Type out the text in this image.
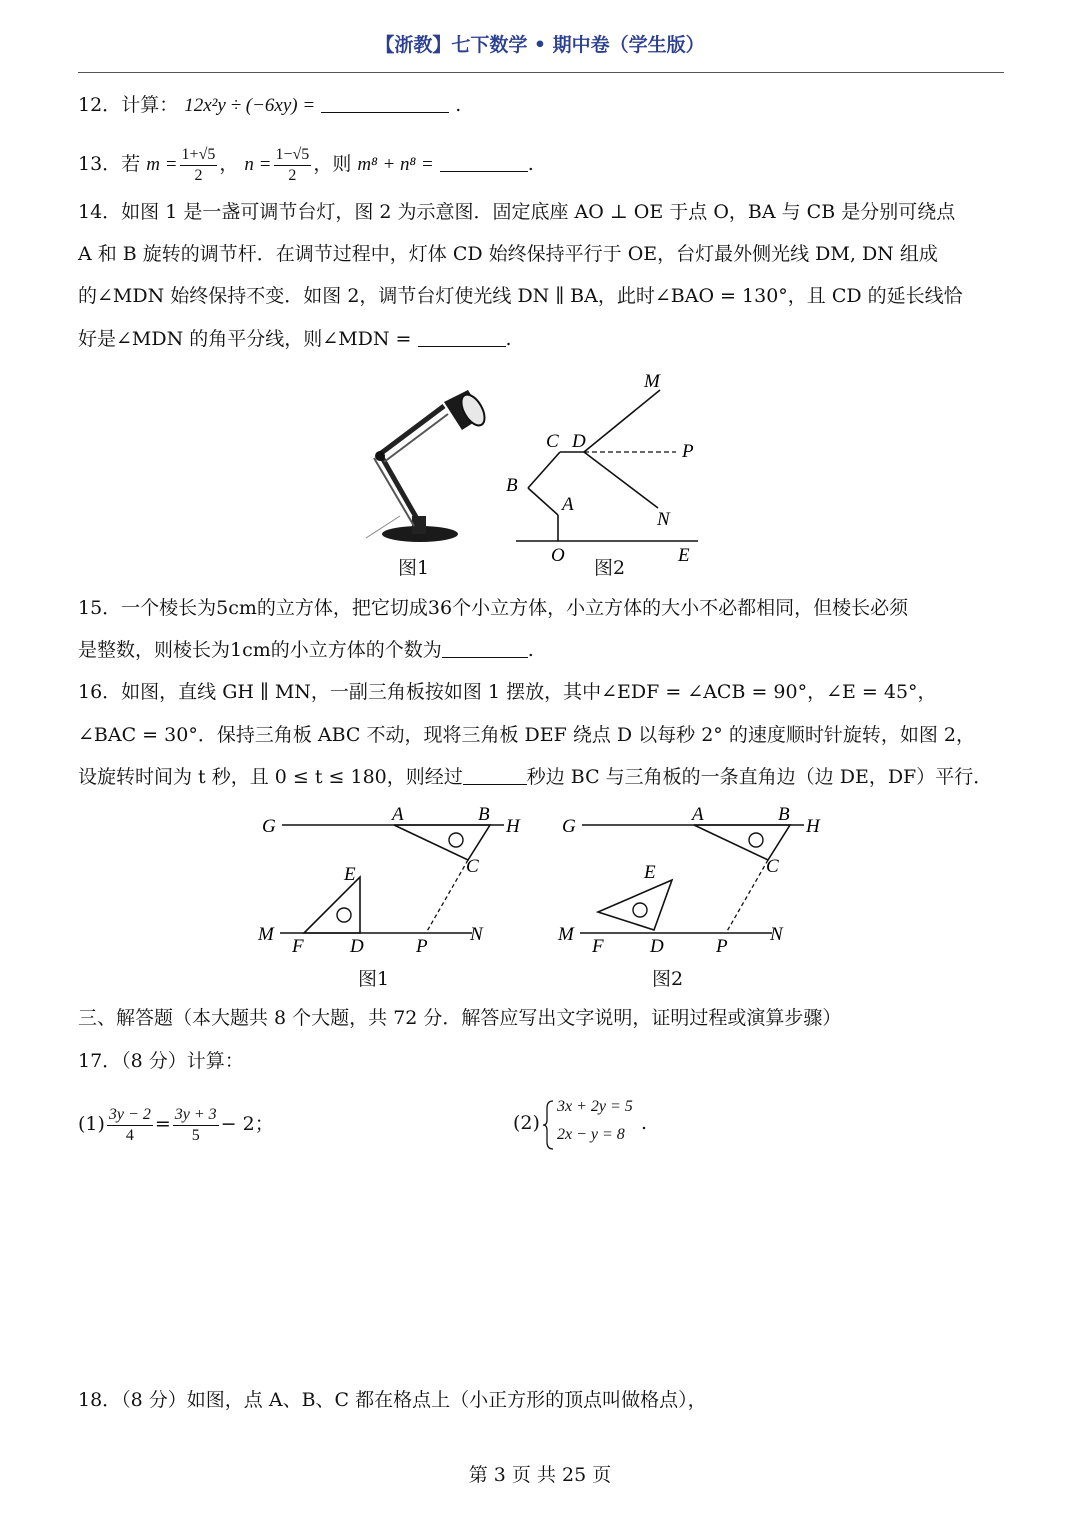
【浙教】七下数学 • 期中卷（学生版）
12．计算： 12x²y ÷ (−6xy) =	.
13．若 $m = \frac{1+√5}{2}$ ， $n = \frac{1-√5}{2}$ ，则 m⁸ + n⁸ =	.
14．如图 1 是一盏可调节台灯，图 2 为示意图．固定底座 AO ⊥ OE 于点 O，BA 与 CB 是分别可绕点
A 和 B 旋转的调节杆．在调节过程中，灯体 CD 始终保持平行于 OE，台灯最外侧光线 DM, DN 组成
的∠MDN 始终保持不变．如图 2，调节台灯使光线 DN ∥ BA，此时∠BAO = 130°，且 CD 的延长线恰
好是∠MDN 的角平分线，则∠MDN =	.
图1
M
C D	P
B
A
N
O	E
图2
15．一个棱长为5cm的立方体，把它切成36个小立方体，小立方体的大小不必都相同，但棱长必须
是整数，则棱长为1cm的小立方体的个数为	.
16．如图，直线 GH ∥ MN，一副三角板按如图 1 摆放，其中∠EDF = ∠ACB = 90°，∠E = 45°，
∠BAC = 30°．保持三角板 ABC 不动，现将三角板 DEF 绕点 D 以每秒 2° 的速度顺时针旋转，如图 2，
设旋转时间为 t 秒，且 0 ≤ t ≤ 180，则经过	秒边 BC 与三角板的一条直角边（边 DE，DF）平行．
G
A	B
H
C
E
M
F D	P
N
图1
G
A	B
H
C
E
M
F D	P
N
图2
三、解答题（本大题共 8 个大题，共 72 分．解答应写出文字说明，证明过程或演算步骤）
17．（8 分）计算：
$(1) \frac{3y - 2}{4} = \frac{3y + 3}{5} - 2$；	(2)
3x + 2y = 5
2x − y = 8
.
18．（8 分）如图，点 A、B、C 都在格点上（小正方形的顶点叫做格点），
第 3 页 共 25 页
